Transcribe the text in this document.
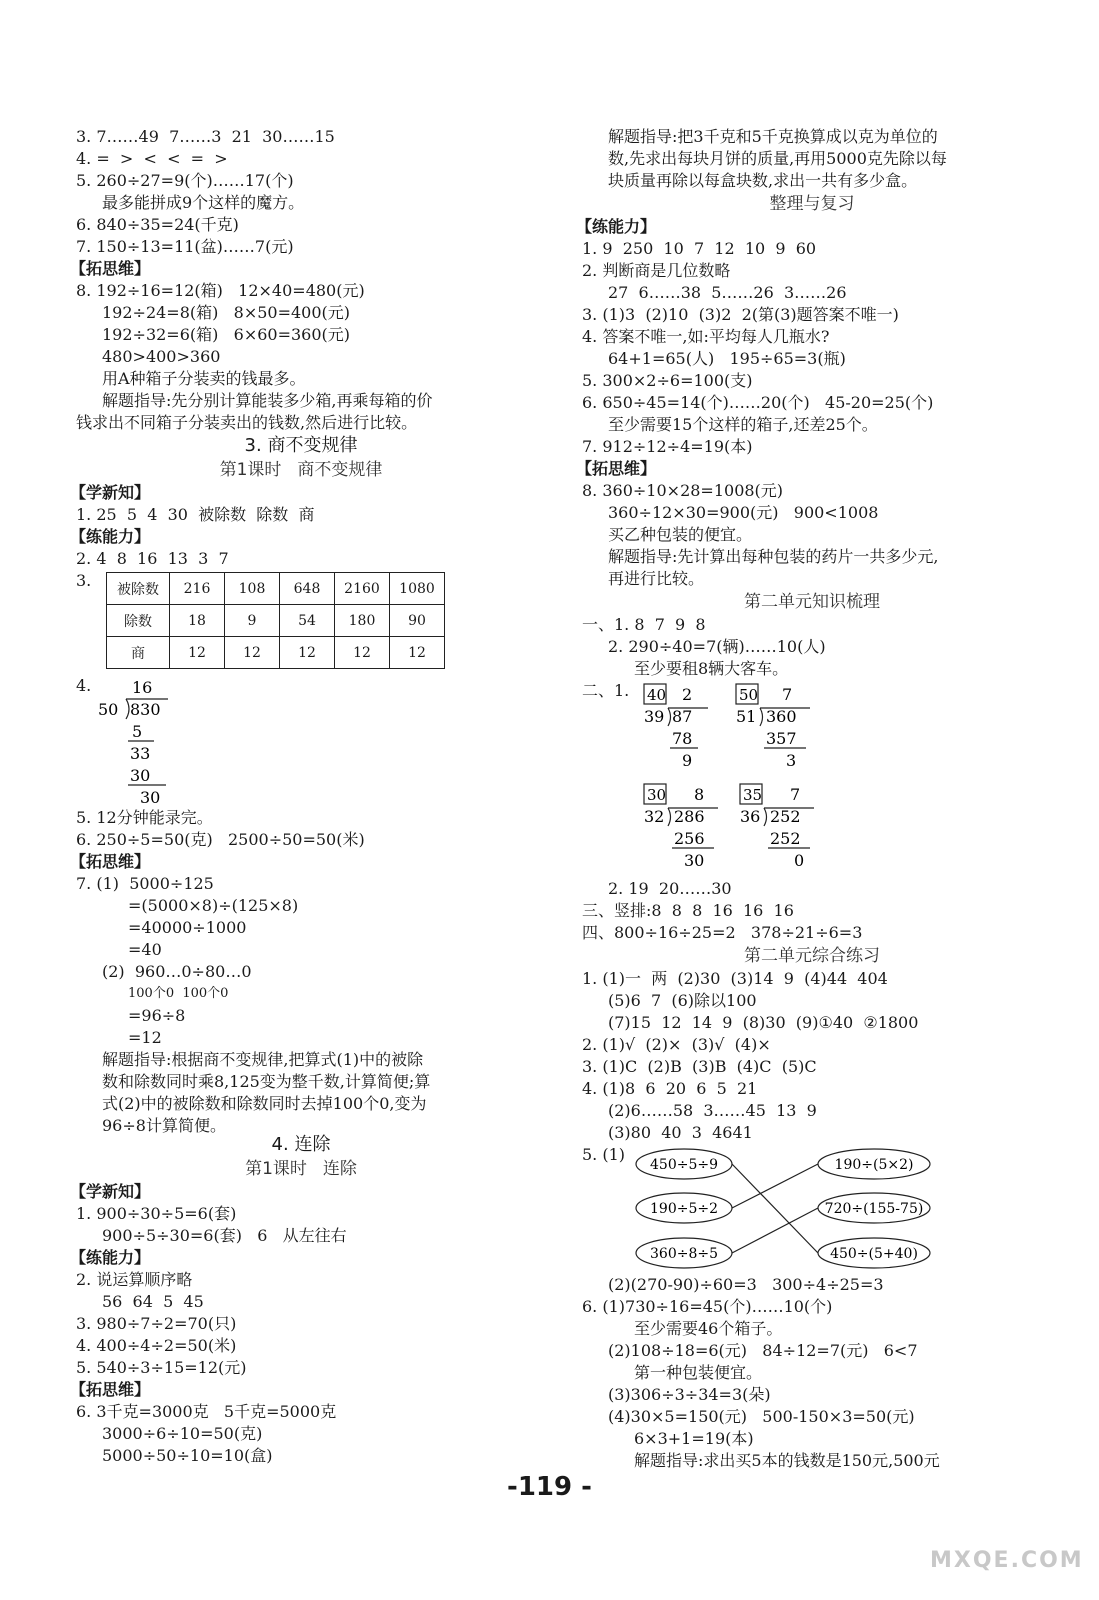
3. 7……49  7……3  21  30……15
4. =  >  <  <  =  >
5. 260÷27=9(个)……17(个)
最多能拼成9个这样的魔方。
6. 840÷35=24(千克)
7. 150÷13=11(盆)……7(元)
【拓思维】
8. 192÷16=12(箱)   12×40=480(元)
192÷24=8(箱)   8×50=400(元)
192÷32=6(箱)   6×60=360(元)
480>400>360
用A种箱子分装卖的钱最多。
解题指导:先分别计算能装多少箱,再乘每箱的价
钱求出不同箱子分装卖出的钱数,然后进行比较。
3. 商不变规律
第1课时 商不变规律
【学新知】
1. 25  5  4  30  被除数  除数  商
【练能力】
2. 4  8  16  13  3  7
3.	被除数	216	108	648	2160	1080
除数	18	9	54	180	90
商	12	12	12	12	12
4.	16
50 830
5
33
30
30
5. 12分钟能录完。
6. 250÷5=50(克)   2500÷50=50(米)
【拓思维】
7. (1)  5000÷125
=(5000×8)÷(125×8)
=40000÷1000
=40
(2)  960…0÷80…0
100个0  100个0
=96÷8
=12
解题指导:根据商不变规律,把算式(1)中的被除
数和除数同时乘8,125变为整千数,计算简便;算
式(2)中的被除数和除数同时去掉100个0,变为
96÷8计算简便。
4. 连除
第1课时 连除
【学新知】
1. 900÷30÷5=6(套)
900÷5÷30=6(套)   6   从左往右
【练能力】
2. 说运算顺序略
56  64  5  45
3. 980÷7÷2=70(只)
4. 400÷4÷2=50(米)
5. 540÷3÷15=12(元)
【拓思维】
6. 3千克=3000克   5千克=5000克
3000÷6÷10=50(克)
5000÷50÷10=10(盒)
解题指导:把3千克和5千克换算成以克为单位的
数,先求出每块月饼的质量,再用5000克先除以每
块质量再除以每盒块数,求出一共有多少盒。
整理与复习
【练能力】
1. 9  250  10  7  12  10  9  60
2. 判断商是几位数略
27  6……38  5……26  3……26
3. (1)3  (2)10  (3)2  2(第(3)题答案不唯一)
4. 答案不唯一,如:平均每人几瓶水?
64+1=65(人)   195÷65=3(瓶)
5. 300×2÷6=100(支)
6. 650÷45=14(个)……20(个)   45-20=25(个)
至少需要15个这样的箱子,还差25个。
7. 912÷12÷4=19(本)
【拓思维】
8. 360÷10×28=1008(元)
360÷12×30=900(元)   900<1008
买乙种包装的便宜。
解题指导:先计算出每种包装的药片一共多少元,
再进行比较。
第二单元知识梳理
一、1. 8  7  9  8
2. 290÷40=7(辆)……10(人)
至少要租8辆大客车。
二、1. 40 2
39 87
78
9
50 7
51 360
357
3
30 8
32 286
256
30
35 7
36 252
252
0
2. 19  20……30
三、竖排:8  8  8  16  16  16
四、800÷16÷25=2   378÷21÷6=3
第二单元综合练习
1. (1)一  两  (2)30  (3)14  9  (4)44  404
(5)6  7  (6)除以100
(7)15  12  14  9  (8)30  (9)①40  ②1800
2. (1)√  (2)×  (3)√  (4)×
3. (1)C  (2)B  (3)B  (4)C  (5)C
4. (1)8  6  20  6  5  21
(2)6……58  3……45  13  9
(3)80  40  3  4641
5. (1)
450÷5÷9
190÷5÷2
360÷8÷5
190÷(5×2)
720÷(155-75)
450÷(5+40)
(2)(270-90)÷60=3   300÷4÷25=3
6. (1)730÷16=45(个)……10(个)
至少需要46个箱子。
(2)108÷18=6(元)   84÷12=7(元)   6<7
第一种包装便宜。
(3)306÷3÷34=3(朵)
(4)30×5=150(元)   500-150×3=50(元)
6×3+1=19(本)
解题指导:求出买5本的钱数是150元,500元
-119 -
MXQE.COM
